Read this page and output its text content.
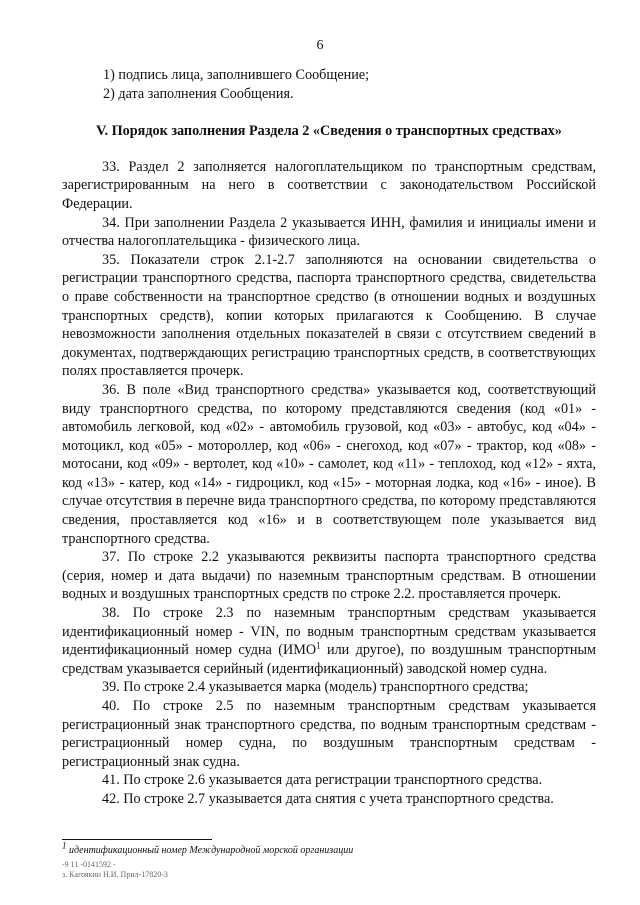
6

1) подпись лица, заполнившего Сообщение;

2) дата заполнения Сообщения.

V. Порядок заполнения Раздела 2 «Сведения о транспортных средствах»

33. Раздел 2 заполняется налогоплательщиком по транспортным средствам, зарегистрированным на него в соответствии с законодательством Российской Федерации.

34. При заполнении Раздела 2 указывается ИНН, фамилия и инициалы имени и отчества налогоплательщика - физического лица.

35. Показатели строк 2.1-2.7 заполняются на основании свидетельства о регистрации транспортного средства, паспорта транспортного средства, свидетельства о праве собственности на транспортное средство (в отношении водных и воздушных транспортных средств), копии которых прилагаются к Сообщению. В случае невозможности заполнения отдельных показателей в связи с отсутствием сведений в документах, подтверждающих регистрацию транспортных средств, в соответствующих полях проставляется прочерк.

36. В поле «Вид транспортного средства» указывается код, соответствующий виду транспортного средства, по которому представляются сведения (код «01» - автомобиль легковой, код «02» - автомобиль грузовой, код «03» - автобус, код «04» - мотоцикл, код «05» - мотороллер, код «06» - снегоход, код «07» - трактор, код «08» - мотосани, код «09» - вертолет, код «10» - самолет, код «11» - теплоход, код «12» - яхта, код «13» - катер, код «14» - гидроцикл, код «15» - моторная лодка, код «16» - иное). В случае отсутствия в перечне вида транспортного средства, по которому представляются сведения, проставляется код «16» и в соответствующем поле указывается вид транспортного средства.

37. По строке 2.2 указываются реквизиты паспорта транспортного средства (серия, номер и дата выдачи) по наземным транспортным средствам. В отношении водных и воздушных транспортных средств по строке 2.2. проставляется прочерк.

38. По строке 2.3 по наземным транспортным средствам указывается идентификационный номер - VIN, по водным транспортным средствам указывается идентификационный номер судна (ИМО$^1$ или другое), по воздушным транспортным средствам указывается серийный (идентификационный) заводской номер судна.

39. По строке 2.4 указывается марка (модель) транспортного средства;

40. По строке 2.5 по наземным транспортным средствам указывается регистрационный знак транспортного средства, по водным транспортным средствам - регистрационный номер судна, по воздушным транспортным средствам - регистрационный знак судна.

41. По строке 2.6 указывается дата регистрации транспортного средства.

42. По строке 2.7 указывается дата снятия с учета транспортного средства.

$^1$ идентификационный номер Международной морской организации
-9 11 -0141592 -
з. Кагоякин Н.И. Прил-17820-3
